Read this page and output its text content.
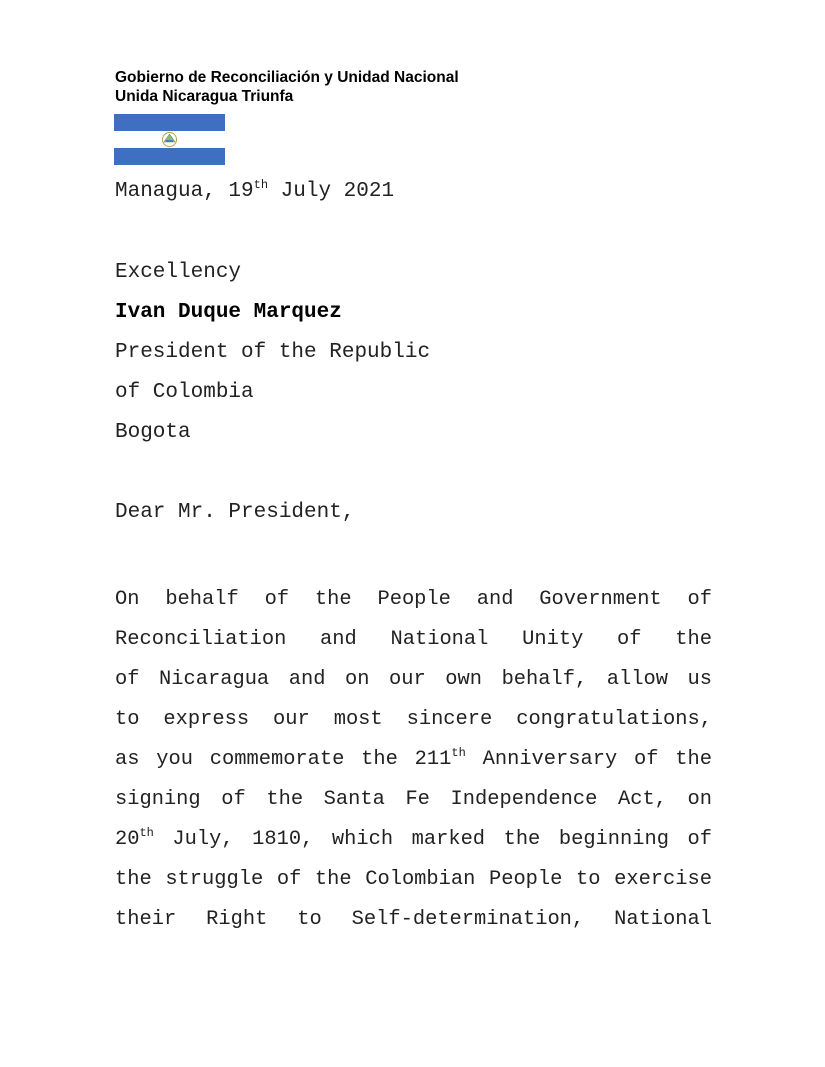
Gobierno de Reconciliación y Unidad Nacional
Unida Nicaragua Triunfa
Managua, 19th July 2021
Excellency
Ivan Duque Marquez
President of the Republic
of Colombia
Bogota
Dear Mr. President,
On behalf of the People and Government of
Reconciliation and National Unity of the
of Nicaragua and on our own behalf, allow us
to express our most sincere congratulations,
as you commemorate the 211th Anniversary of the
signing of the Santa Fe Independence Act, on
20th July, 1810, which marked the beginning of
the struggle of the Colombian People to exercise
their Right to Self-determination, National
